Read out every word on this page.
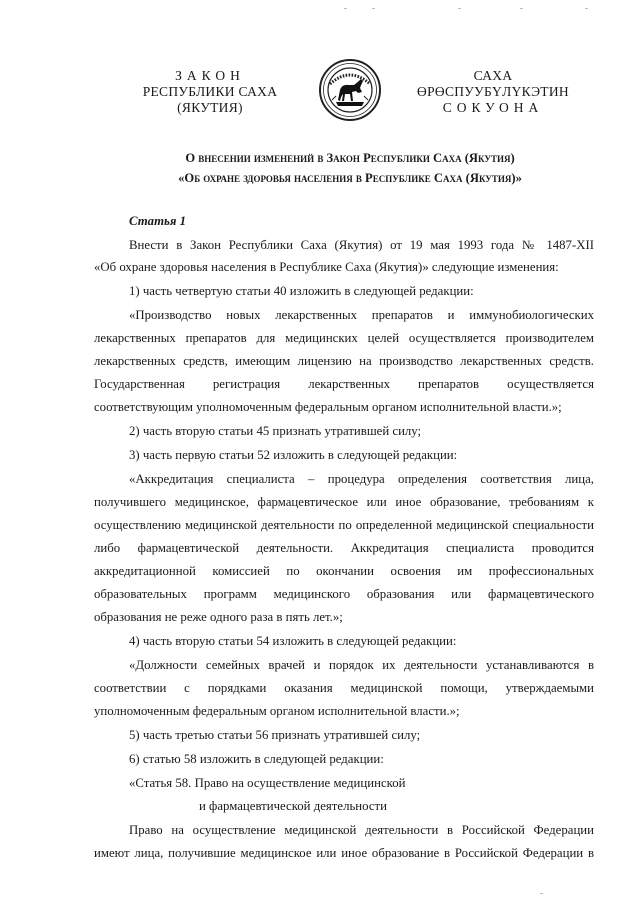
ЗАКОН
РЕСПУБЛИКИ САХА (ЯКУТИЯ)
САХА ӨРӨСПУУБҮЛҮКЭТИН
СОКУОНА
О внесении изменений в Закон Республики Саха (Якутия)
«Об охране здоровья населения в Республике Саха (Якутия)»
Статья 1
Внести в Закон Республики Саха (Якутия) от 19 мая 1993 года № 1487-XII
«Об охране здоровья населения в Республике Саха (Якутия)» следующие изменения:
1) часть четвертую статьи 40 изложить в следующей редакции:
«Производство новых лекарственных препаратов и иммунобиологических
лекарственных препаратов для медицинских целей осуществляется производителем
лекарственных средств, имеющим лицензию на производство лекарственных средств.
Государственная регистрация лекарственных препаратов осуществляется
соответствующим уполномоченным федеральным органом исполнительной власти.»;
2) часть вторую статьи 45 признать утратившей силу;
3) часть первую статьи 52 изложить в следующей редакции:
«Аккредитация специалиста – процедура определения соответствия лица,
получившего медицинское, фармацевтическое или иное образование, требованиям к
осуществлению медицинской деятельности по определенной медицинской специальности
либо фармацевтической деятельности. Аккредитация специалиста проводится
аккредитационной комиссией по окончании освоения им профессиональных
образовательных программ медицинского образования или фармацевтического
образования не реже одного раза в пять лет.»;
4) часть вторую статьи 54 изложить в следующей редакции:
«Должности семейных врачей и порядок их деятельности устанавливаются в
соответствии с порядками оказания медицинской помощи, утверждаемыми
уполномоченным федеральным органом исполнительной власти.»;
5) часть третью статьи 56 признать утратившей силу;
6) статью 58 изложить в следующей редакции:
«Статья 58. Право на осуществление медицинской
и фармацевтической деятельности
Право на осуществление медицинской деятельности в Российской Федерации
имеют лица, получившие медицинское или иное образование в Российской Федерации в
